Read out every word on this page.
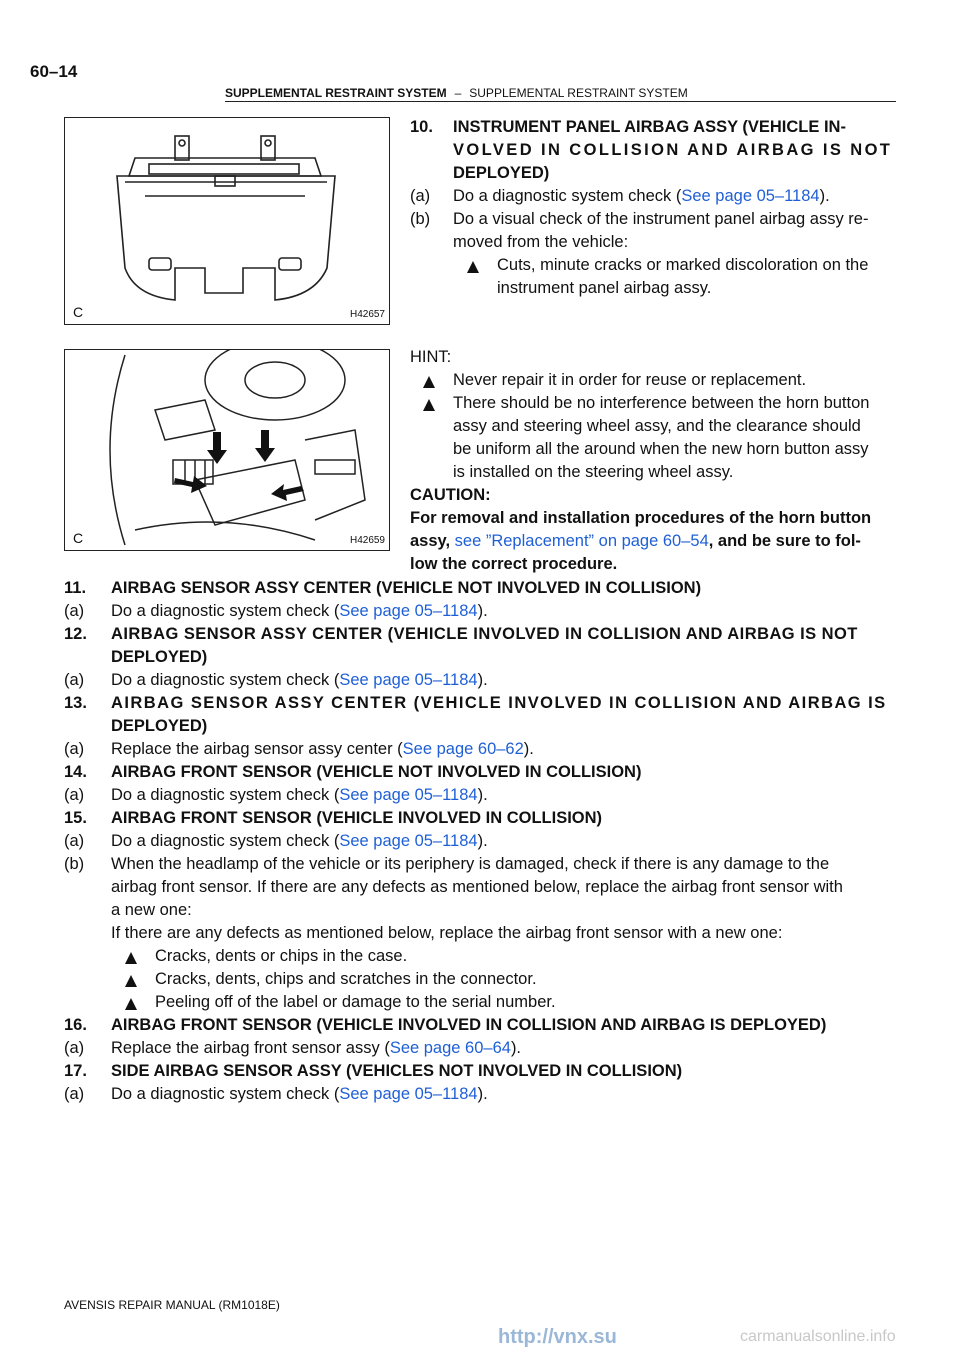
60–14
SUPPLEMENTAL RESTRAINT SYSTEM – SUPPLEMENTAL RESTRAINT SYSTEM
C	H42657
C	H42659
10. INSTRUMENT PANEL AIRBAG ASSY (VEHICLE IN-
VOLVED IN COLLISION AND AIRBAG IS NOT
DEPLOYED)
(a) Do a diagnostic system check (See page 05–1184).
(b) Do a visual check of the instrument panel airbag assy re-
moved from the vehicle:
Cuts, minute cracks or marked discoloration on the
instrument panel airbag assy.
HINT:
Never repair it in order for reuse or replacement.
There should be no interference between the horn button
assy and steering wheel assy, and the clearance should
be uniform all the around when the new horn button assy
is installed on the steering wheel assy.
CAUTION:
For removal and installation procedures of the horn button
assy, see ”Replacement” on page 60–54, and be sure to fol-
low the correct procedure.
11. AIRBAG SENSOR ASSY CENTER (VEHICLE NOT INVOLVED IN COLLISION)
(a) Do a diagnostic system check (See page 05–1184).
12. AIRBAG SENSOR ASSY CENTER (VEHICLE INVOLVED IN COLLISION AND AIRBAG IS NOT
DEPLOYED)
(a) Do a diagnostic system check (See page 05–1184).
13. AIRBAG SENSOR ASSY CENTER (VEHICLE INVOLVED IN COLLISION AND AIRBAG IS
DEPLOYED)
(a) Replace the airbag sensor assy center (See page 60–62).
14. AIRBAG FRONT SENSOR (VEHICLE NOT INVOLVED IN COLLISION)
(a) Do a diagnostic system check (See page 05–1184).
15. AIRBAG FRONT SENSOR (VEHICLE INVOLVED IN COLLISION)
(a) Do a diagnostic system check (See page 05–1184).
(b) When the headlamp of the vehicle or its periphery is damaged, check if there is any damage to the
airbag front sensor. If there are any defects as mentioned below, replace the airbag front sensor with
a new one:
If there are any defects as mentioned below, replace the airbag front sensor with a new one:
Cracks, dents or chips in the case.
Cracks, dents, chips and scratches in the connector.
Peeling off of the label or damage to the serial number.
16. AIRBAG FRONT SENSOR (VEHICLE INVOLVED IN COLLISION AND AIRBAG IS DEPLOYED)
(a) Replace the airbag front sensor assy (See page 60–64).
17. SIDE AIRBAG SENSOR ASSY (VEHICLES NOT INVOLVED IN COLLISION)
(a) Do a diagnostic system check (See page 05–1184).
AVENSIS REPAIR MANUAL (RM1018E)
http://vnx.su	carmanualsonline.info
